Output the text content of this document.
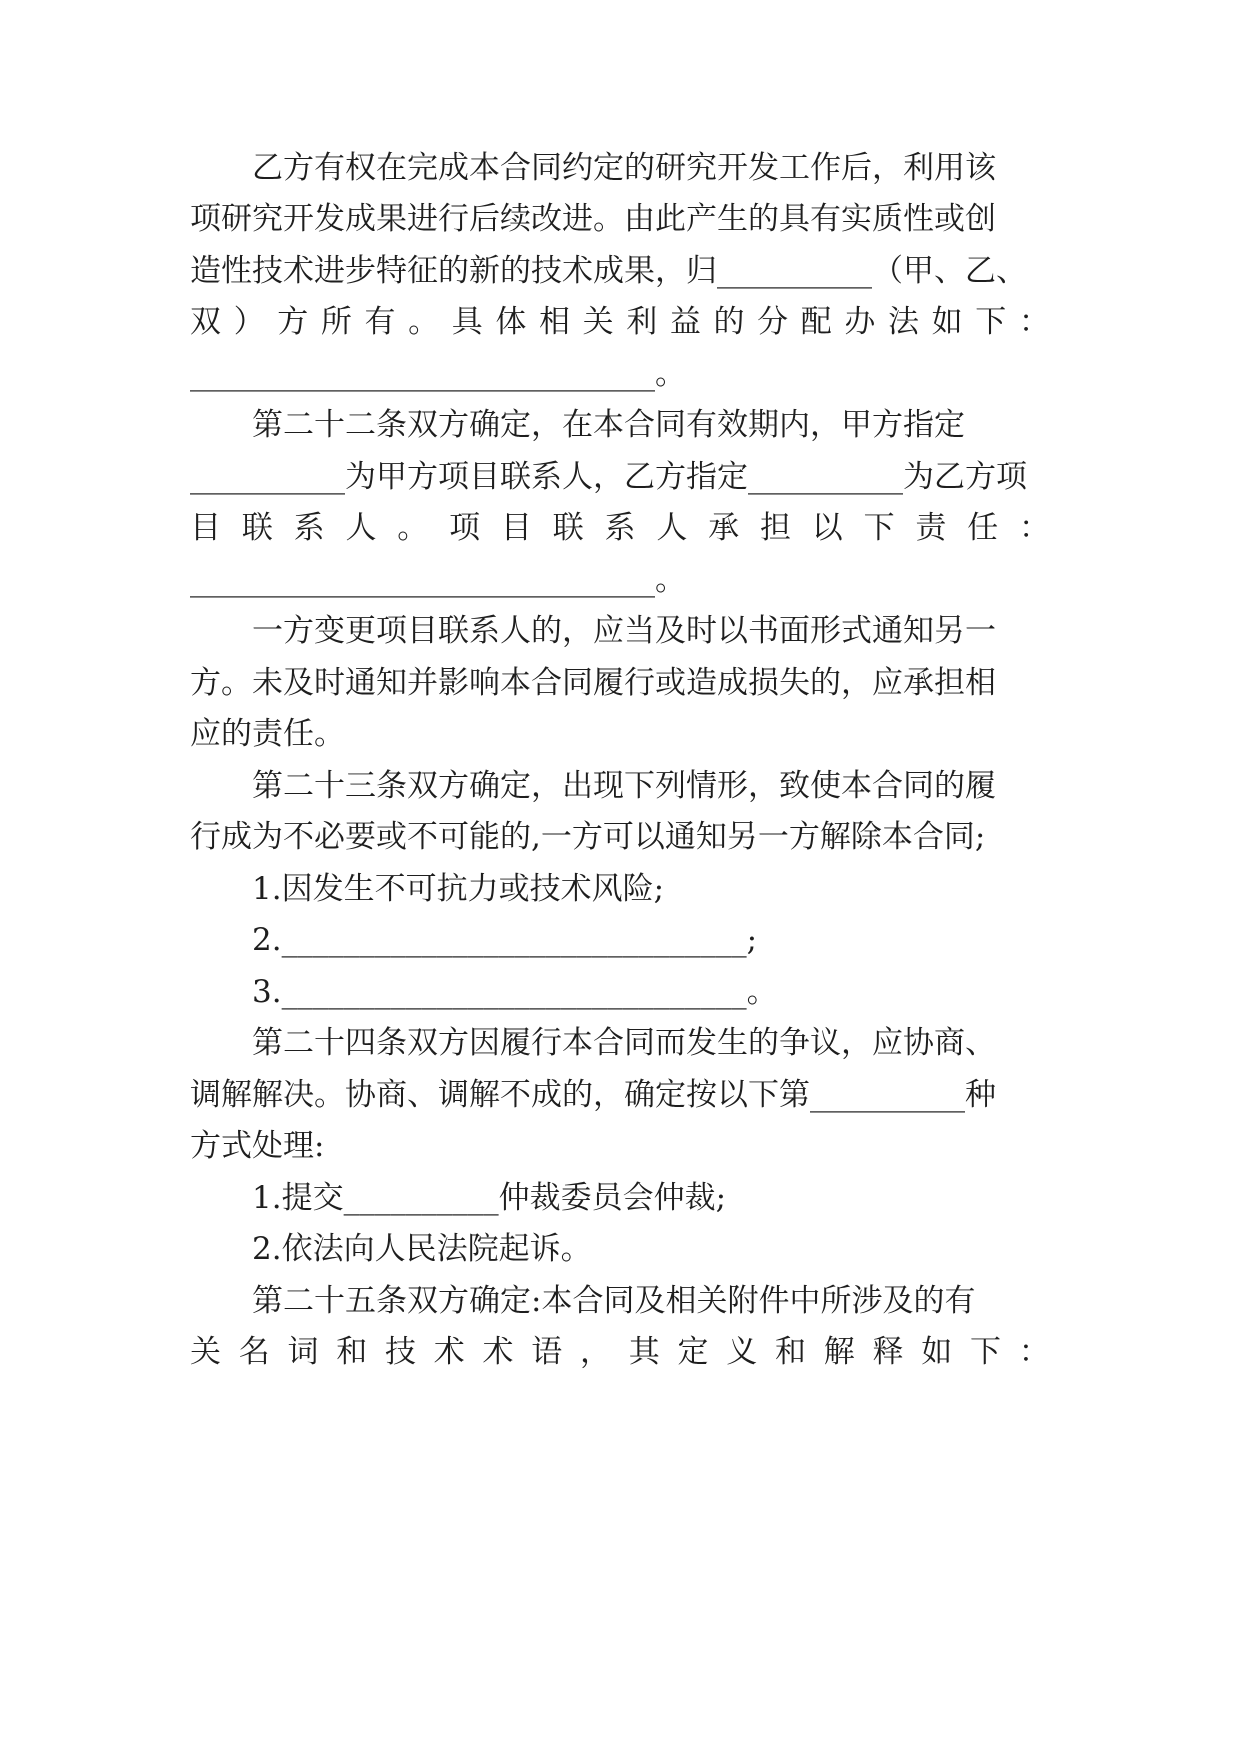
　　乙方有权在完成本合同约定的研究开发工作后，利用该
项研究开发成果进行后续改进。由此产生的具有实质性或创
造性技术进步特征的新的技术成果，归__________（甲、乙、
双 ） 方 所 有 。 具 体 相 关 利 益 的 分 配 办 法 如 下 ：
______________________________。
　　第二十二条双方确定，在本合同有效期内，甲方指定
__________为甲方项目联系人，乙方指定__________为乙方项
目 联 系 人 。 项 目 联 系 人 承 担 以 下 责 任 ：
______________________________。
　　一方变更项目联系人的，应当及时以书面形式通知另一
方。未及时通知并影响本合同履行或造成损失的，应承担相
应的责任。
　　第二十三条双方确定，出现下列情形，致使本合同的履
行成为不必要或不可能的,一方可以通知另一方解除本合同;
　　1.因发生不可抗力或技术风险;
　　2.______________________________;
　　3.______________________________。
　　第二十四条双方因履行本合同而发生的争议，应协商、
调解解决。协商、调解不成的，确定按以下第__________种
方式处理:
　　1.提交__________仲裁委员会仲裁;
　　2.依法向人民法院起诉。
　　第二十五条双方确定:本合同及相关附件中所涉及的有
关 名 词 和 技 术 术 语 ， 其 定 义 和 解 释 如 下 ：
